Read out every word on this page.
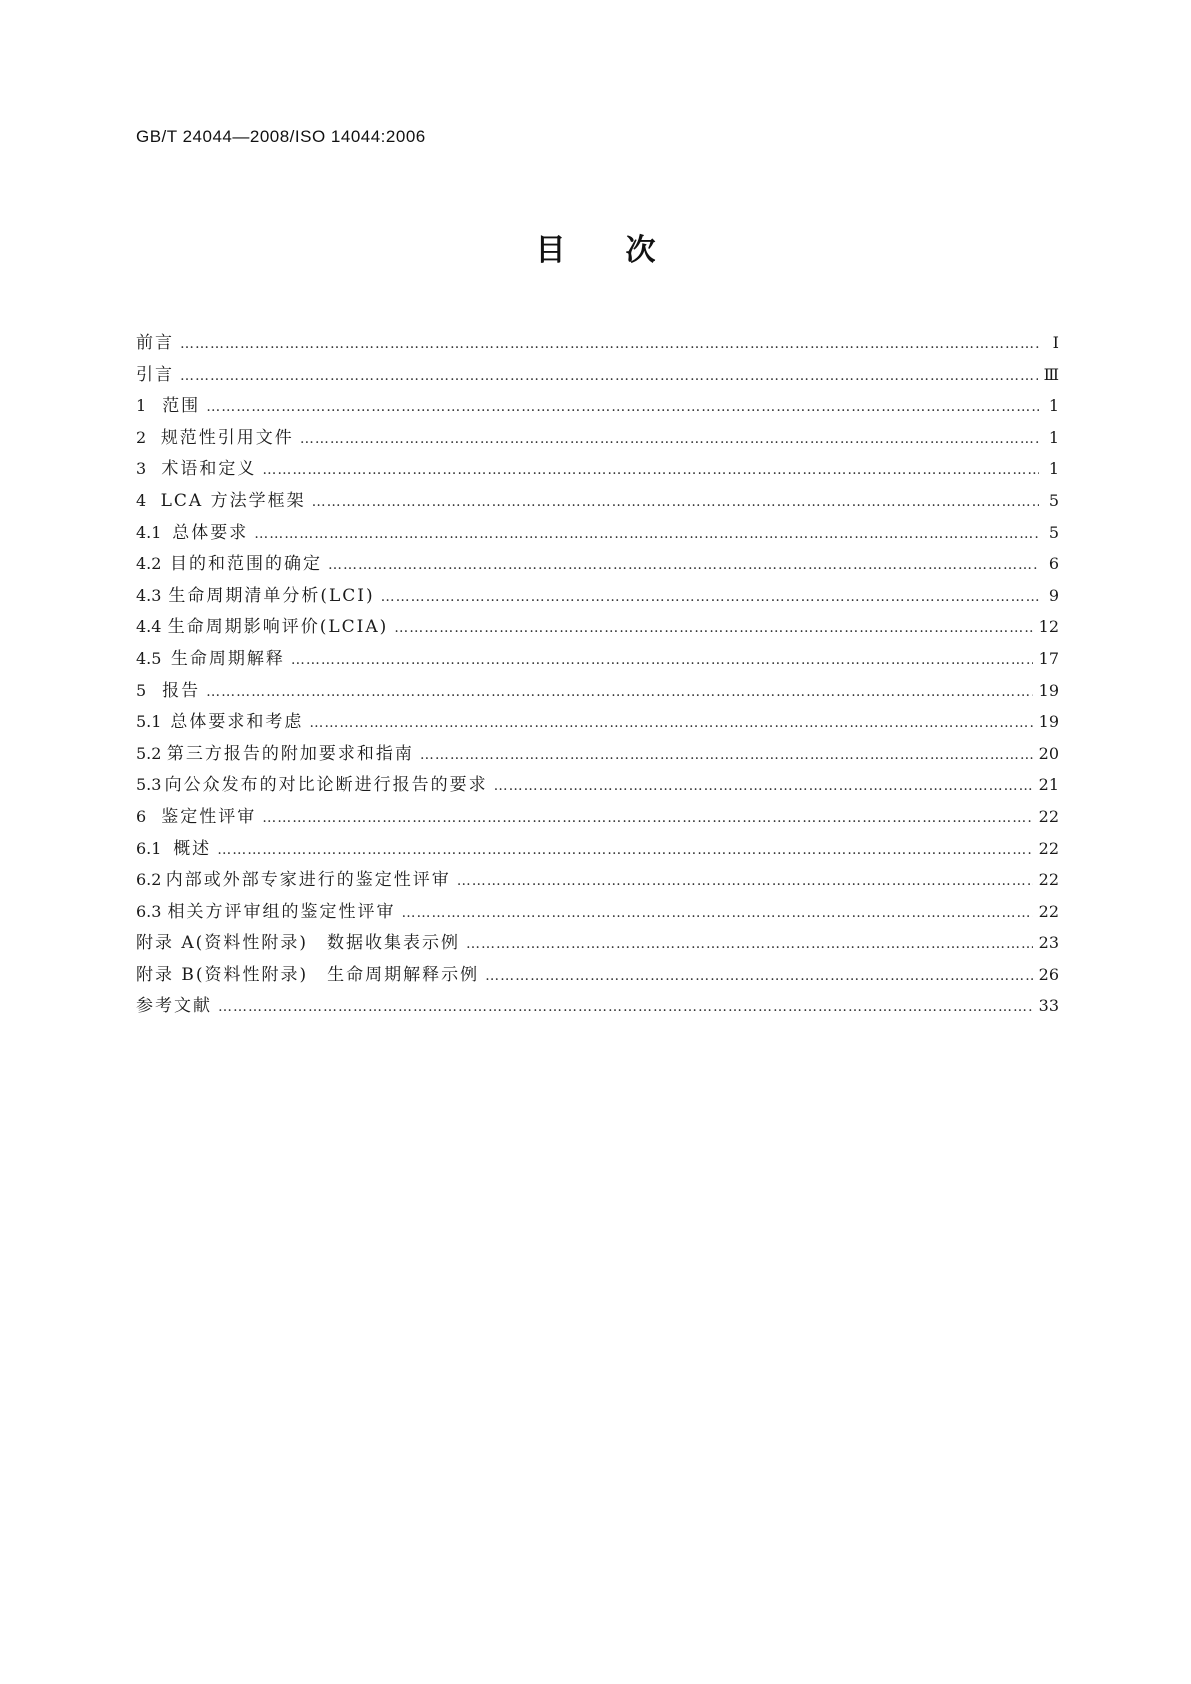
GB/T 24044—2008/ISO 14044:2006
目次
前言 …………………………………………………………………………………………………………………………………………………………………………………………………………………………	Ⅰ
引言 …………………………………………………………………………………………………………………………………………………………………………………………………………………………	Ⅲ
1 范围 …………………………………………………………………………………………………………………………………………………………………………………………………………………………	1
2 规范性引用文件 …………………………………………………………………………………………………………………………………………………………………………………………………………………………	1
3 术语和定义 …………………………………………………………………………………………………………………………………………………………………………………………………………………………	1
4 LCA 方法学框架 …………………………………………………………………………………………………………………………………………………………………………………………………………………………	5
4.1 总体要求 …………………………………………………………………………………………………………………………………………………………………………………………………………………………	5
4.2 目的和范围的确定 …………………………………………………………………………………………………………………………………………………………………………………………………………………………	6
4.3 生命周期清单分析(LCI) …………………………………………………………………………………………………………………………………………………………………………………………………………………………	9
4.4 生命周期影响评价(LCIA) …………………………………………………………………………………………………………………………………………………………………………………………………………………………	12
4.5 生命周期解释 …………………………………………………………………………………………………………………………………………………………………………………………………………………………	17
5 报告 …………………………………………………………………………………………………………………………………………………………………………………………………………………………	19
5.1 总体要求和考虑 …………………………………………………………………………………………………………………………………………………………………………………………………………………………	19
5.2 第三方报告的附加要求和指南 …………………………………………………………………………………………………………………………………………………………………………………………………………………………	20
5.3 向公众发布的对比论断进行报告的要求 …………………………………………………………………………………………………………………………………………………………………………………………………………………………	21
6 鉴定性评审 …………………………………………………………………………………………………………………………………………………………………………………………………………………………	22
6.1 概述 …………………………………………………………………………………………………………………………………………………………………………………………………………………………	22
6.2 内部或外部专家进行的鉴定性评审 …………………………………………………………………………………………………………………………………………………………………………………………………………………………	22
6.3 相关方评审组的鉴定性评审 …………………………………………………………………………………………………………………………………………………………………………………………………………………………	22
附录 A(资料性附录)　数据收集表示例 …………………………………………………………………………………………………………………………………………………………………………………………………………………………	23
附录 B(资料性附录)　生命周期解释示例 …………………………………………………………………………………………………………………………………………………………………………………………………………………………	26
参考文献 …………………………………………………………………………………………………………………………………………………………………………………………………………………………	33
